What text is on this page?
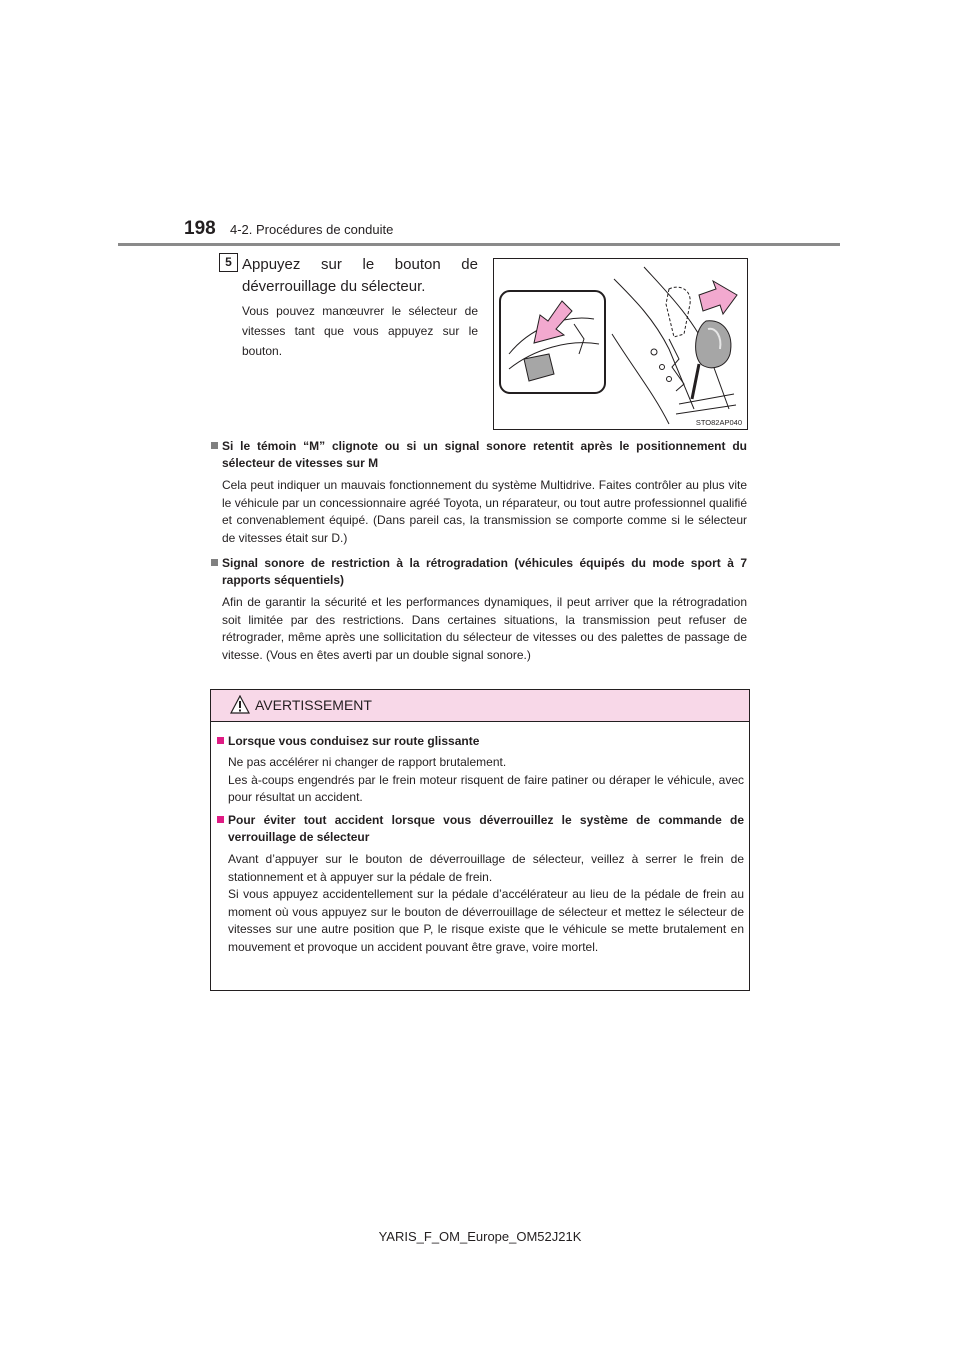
198 4-2. Procédures de conduite
5 Appuyez sur le bouton de déverrouillage du sélecteur.
Vous pouvez manœuvrer le sélecteur de vitesses tant que vous appuyez sur le bouton.
STO82AP040
Si le témoin “M” clignote ou si un signal sonore retentit après le positionnement du sélecteur de vitesses sur M
Cela peut indiquer un mauvais fonctionnement du système Multidrive. Faites contrôler au plus vite le véhicule par un concessionnaire agréé Toyota, un réparateur, ou tout autre professionnel qualifié et convenablement équipé. (Dans pareil cas, la transmission se comporte comme si le sélecteur de vitesses était sur D.)
Signal sonore de restriction à la rétrogradation (véhicules équipés du mode sport à 7 rapports séquentiels)
Afin de garantir la sécurité et les performances dynamiques, il peut arriver que la rétrogradation soit limitée par des restrictions. Dans certaines situations, la transmission peut refuser de rétrograder, même après une sollicitation du sélecteur de vitesses ou des palettes de passage de vitesse. (Vous en êtes averti par un double signal sonore.)
AVERTISSEMENT
Lorsque vous conduisez sur route glissante
Ne pas accélérer ni changer de rapport brutalement.
Les à-coups engendrés par le frein moteur risquent de faire patiner ou déraper le véhicule, avec pour résultat un accident.
Pour éviter tout accident lorsque vous déverrouillez le système de commande de verrouillage de sélecteur
Avant d’appuyer sur le bouton de déverrouillage de sélecteur, veillez à serrer le frein de stationnement et à appuyer sur la pédale de frein.
Si vous appuyez accidentellement sur la pédale d’accélérateur au lieu de la pédale de frein au moment où vous appuyez sur le bouton de déverrouillage de sélecteur et mettez le sélecteur de vitesses sur une autre position que P, le risque existe que le véhicule se mette brutalement en mouvement et provoque un accident pouvant être grave, voire mortel.
YARIS_F_OM_Europe_OM52J21K
